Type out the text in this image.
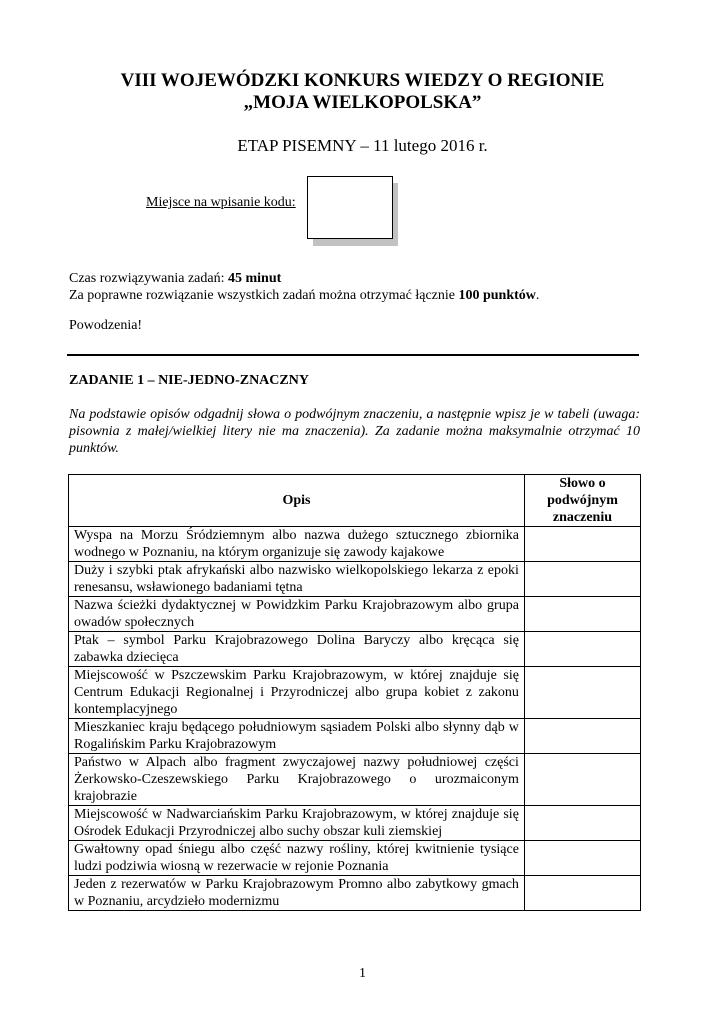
VIII WOJEWÓDZKI KONKURS WIEDZY O REGIONIE
„MOJA WIELKOPOLSKA”
ETAP PISEMNY – 11 lutego 2016 r.
Miejsce na wpisanie kodu:
Czas rozwiązywania zadań: 45 minut
Za poprawne rozwiązanie wszystkich zadań można otrzymać łącznie 100 punktów.
Powodzenia!
ZADANIE 1 – NIE-JEDNO-ZNACZNY
Na podstawie opisów odgadnij słowa o podwójnym znaczeniu, a następnie wpisz je w tabeli (uwaga: pisownia z małej/wielkiej litery nie ma znaczenia). Za zadanie można maksymalnie otrzymać 10 punktów.
Opis	Słowo o podwójnym znaczeniu
Wyspa na Morzu Śródziemnym albo nazwa dużego sztucznego zbiornika wodnego w Poznaniu, na którym organizuje się zawody kajakowe	
Duży i szybki ptak afrykański albo nazwisko wielkopolskiego lekarza z epoki renesansu, wsławionego badaniami tętna	
Nazwa ścieżki dydaktycznej w Powidzkim Parku Krajobrazowym albo grupa owadów społecznych	
Ptak – symbol Parku Krajobrazowego Dolina Baryczy albo kręcąca się zabawka dziecięca	
Miejscowość w Pszczewskim Parku Krajobrazowym, w której znajduje się Centrum Edukacji Regionalnej i Przyrodniczej albo grupa kobiet z zakonu kontemplacyjnego	
Mieszkaniec kraju będącego południowym sąsiadem Polski albo słynny dąb w Rogalińskim Parku Krajobrazowym	
Państwo w Alpach albo fragment zwyczajowej nazwy południowej części Żerkowsko-Czeszewskiego Parku Krajobrazowego o urozmaiconym krajobrazie	
Miejscowość w Nadwarciańskim Parku Krajobrazowym, w której znajduje się Ośrodek Edukacji Przyrodniczej albo suchy obszar kuli ziemskiej	
Gwałtowny opad śniegu albo część nazwy rośliny, której kwitnienie tysiące ludzi podziwia wiosną w rezerwacie w rejonie Poznania	
Jeden z rezerwatów w Parku Krajobrazowym Promno albo zabytkowy gmach w Poznaniu, arcydzieło modernizmu	
1
